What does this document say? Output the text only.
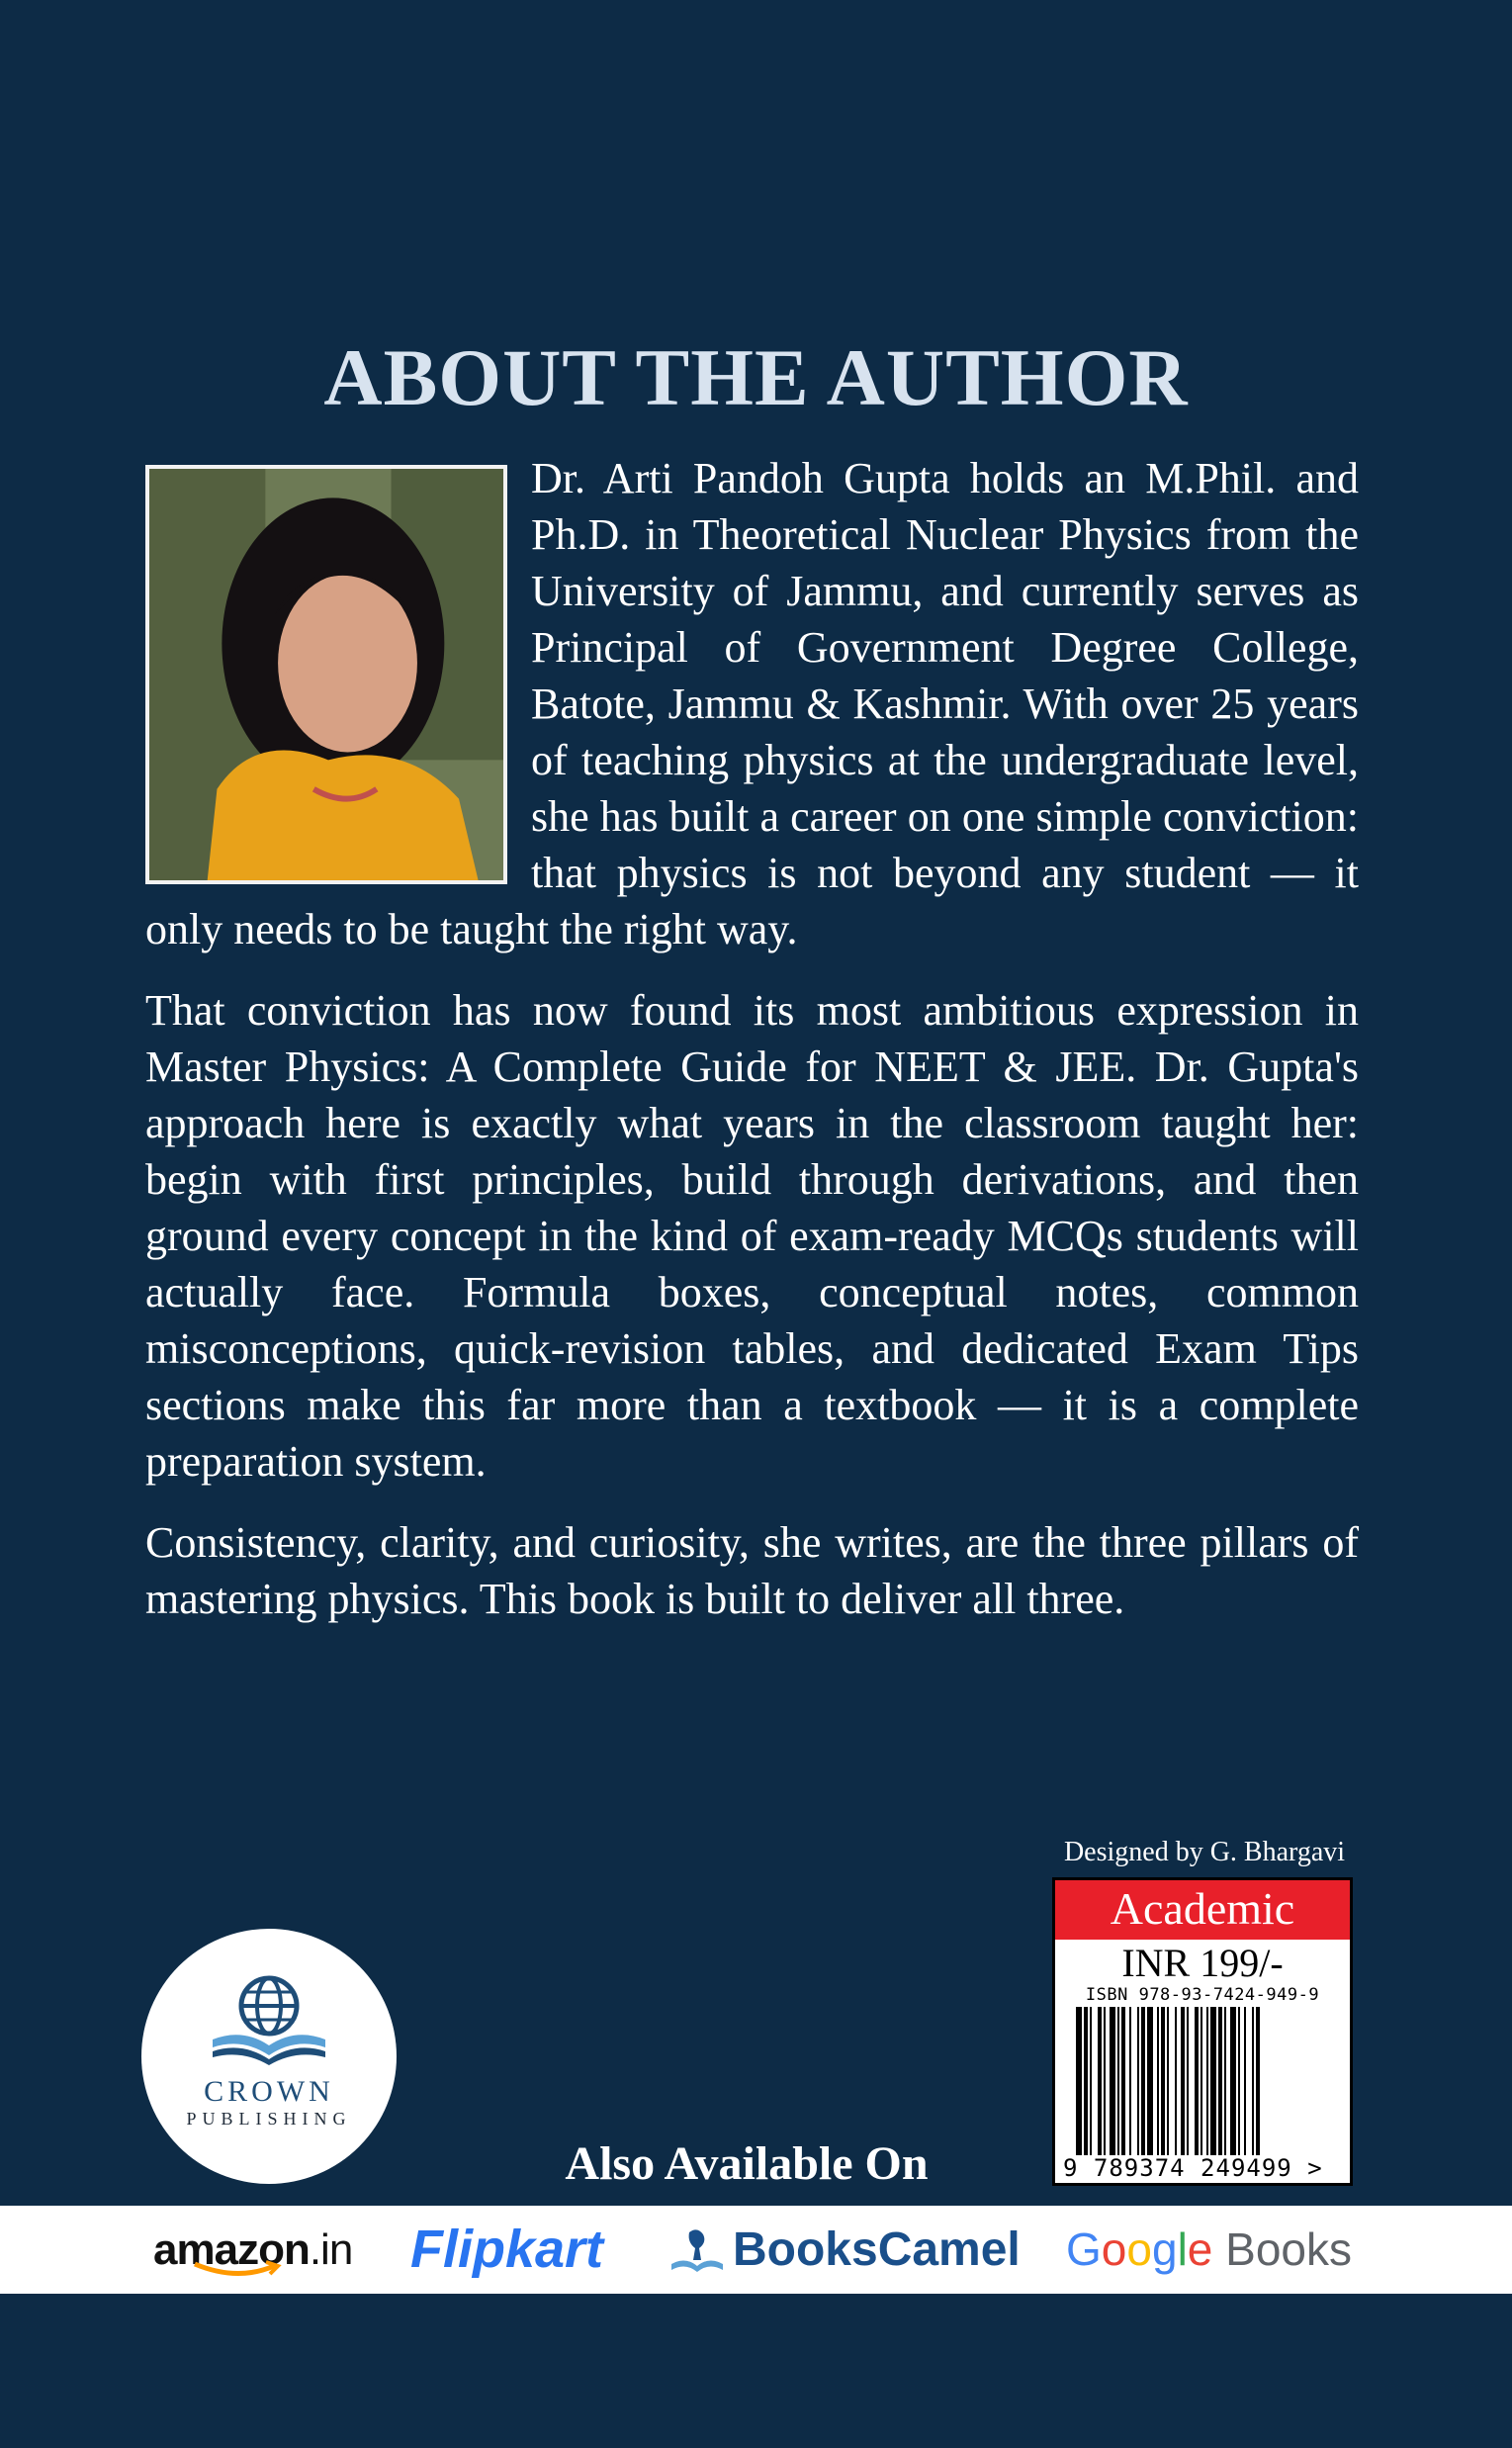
ABOUT THE AUTHOR

Dr. Arti Pandoh Gupta holds an M.Phil. and Ph.D. in Theoretical Nuclear Physics from the University of Jammu, and currently serves as Principal of Government Degree College, Batote, Jammu & Kashmir. With over 25 years of teaching physics at the undergraduate level, she has built a career on one simple conviction: that physics is not beyond any student — it only needs to be taught the right way.

That conviction has now found its most ambitious expression in Master Physics: A Complete Guide for NEET & JEE. Dr. Gupta's approach here is exactly what years in the classroom taught her: begin with first principles, build through derivations, and then ground every concept in the kind of exam-ready MCQs students will actually face. Formula boxes, conceptual notes, common misconceptions, quick-revision tables, and dedicated Exam Tips sections make this far more than a textbook — it is a complete preparation system.

Consistency, clarity, and curiosity, she writes, are the three pillars of mastering physics. This book is built to deliver all three.

Designed by G. Bhargavi
Academic
INR 199/-
ISBN 978-93-7424-949-9
9 789374 249499 >
CROWN
PUBLISHING
Also Available On
amazon.in Flipkart	BooksCamel Google Books
